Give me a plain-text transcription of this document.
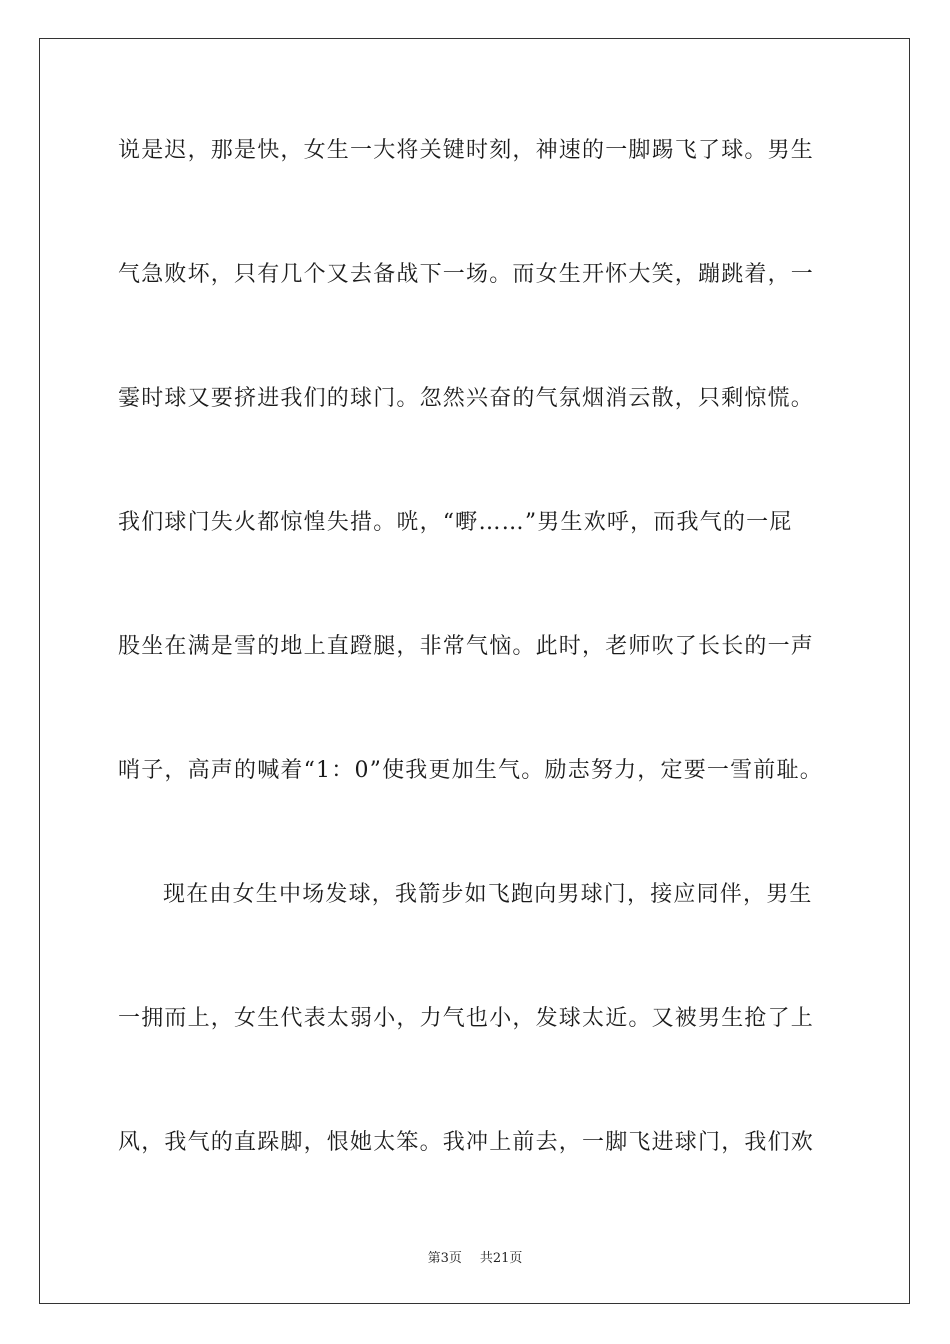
说是迟，那是快，女生一大将关键时刻，神速的一脚踢飞了球。男生
气急败坏，只有几个又去备战下一场。而女生开怀大笑，蹦跳着，一
霎时球又要挤进我们的球门。忽然兴奋的气氛烟消云散，只剩惊慌。
我们球门失火都惊惶失措。咣，“嘢……”男生欢呼，而我气的一屁
股坐在满是雪的地上直蹬腿，非常气恼。此时，老师吹了长长的一声
哨子，高声的喊着“1：0”使我更加生气。励志努力，定要一雪前耻。
现在由女生中场发球，我箭步如飞跑向男球门，接应同伴，男生
一拥而上，女生代表太弱小，力气也小，发球太近。又被男生抢了上
风，我气的直跺脚，恨她太笨。我冲上前去，一脚飞进球门，我们欢
第3页 共21页
